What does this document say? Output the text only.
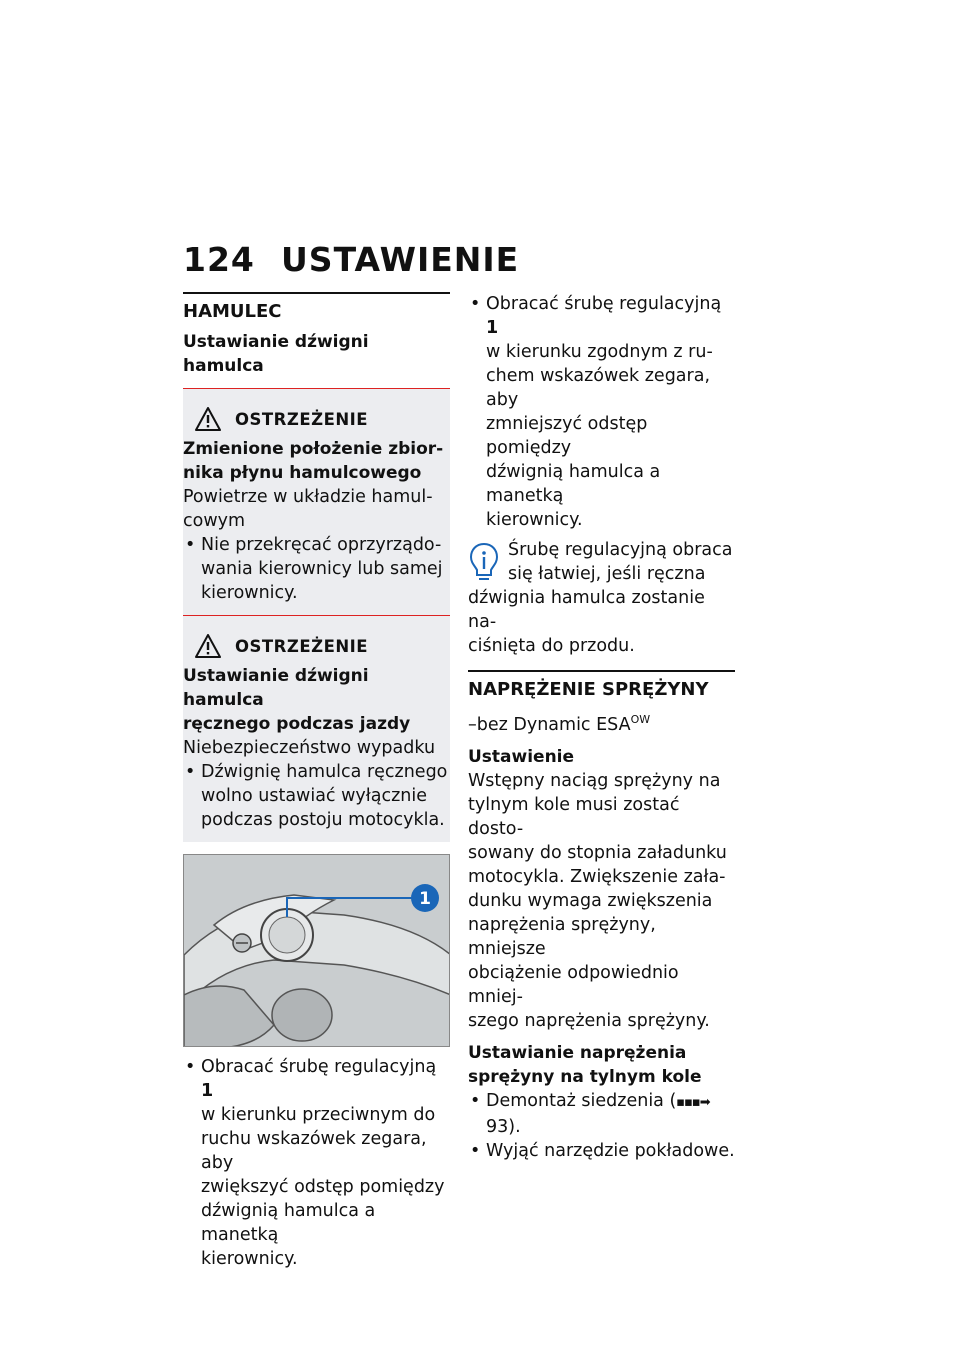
124 USTAWIENIE
HAMULEC
Ustawianie dźwigni hamulca
OSTRZEŻENIE
Zmienione położenie zbior-
nika płynu hamulcowego
Powietrze w układzie hamul-
cowym
• Nie przekręcać oprzyrządo-
wania kierownicy lub samej
kierownicy.
OSTRZEŻENIE
Ustawianie dźwigni hamulca
ręcznego podczas jazdy
Niebezpieczeństwo wypadku
• Dźwignię hamulca ręcznego
wolno ustawiać wyłącznie
podczas postoju motocykla.
1
• Obracać śrubę regulacyjną 1
w kierunku przeciwnym do
ruchu wskazówek zegara, aby
zwiększyć odstęp pomiędzy
dźwignią hamulca a manetką
kierownicy.
• Obracać śrubę regulacyjną 1
w kierunku zgodnym z ru-
chem wskazówek zegara, aby
zmniejszyć odstęp pomiędzy
dźwignią hamulca a manetką
kierownicy.

Śrubę regulacyjną obraca

się łatwiej, jeśli ręczna

dźwignia hamulca zostanie na-

ciśnięta do przodu.

NAPRĘŻENIE SPRĘŻYNY

–bez Dynamic $ESA^{OW}$

Ustawienie

Wstępny naciąg sprężyny na

tylnym kole musi zostać dosto-

sowany do stopnia załadunku

motocykla. Zwiększenie zała-

dunku wymaga zwiększenia

naprężenia sprężyny, mniejsze

obciążenie odpowiednio mniej-

szego naprężenia sprężyny.

Ustawianie naprężenia
sprężyny na tylnym kole
• Demontaż siedzenia (▪▪▪➡ 93).
• Wyjąć narzędzie pokładowe.
